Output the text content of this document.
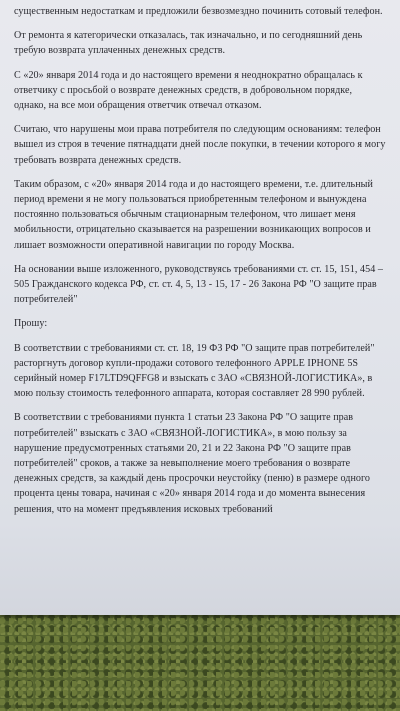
существенным недостаткам и предложили безвозмездно починить сотовый телефон.

От ремонта я категорически отказалась, так изначально, и по сегодняшний день требую возврата уплаченных денежных средств.

С «20» января 2014 года и до настоящего времени я неоднократно обращалась к ответчику с просьбой о возврате денежных средств, в добровольном порядке, однако, на все мои обращения ответчик отвечал отказом.

Считаю, что нарушены мои права потребителя по следующим основаниям: телефон вышел из строя в течение пятнадцати дней после покупки, в течении которого я могу требовать возврата денежных средств.

Таким образом, с «20» января 2014 года и до настоящего времени, т.е. длительный период времени я не могу пользоваться приобретенным телефоном и вынуждена постоянно пользоваться обычным стационарным телефоном, что лишает меня мобильности, отрицательно сказывается на разрешении возникающих вопросов и лишает возможности оперативной навигации по городу Москва.

На основании выше изложенного, руководствуясь требованиями ст. ст. 15, 151, 454 – 505 Гражданского кодекса РФ, ст. ст. 4, 5, 13 - 15, 17 - 26 Закона РФ "О защите прав потребителей"

Прошу:

В соответствии с требованиями ст. ст. 18, 19 ФЗ РФ "О защите прав потребителей" расторгнуть договор купли-продажи сотового телефонного APPLE IPHONE 5S серийный номер F17LTD9QFFG8 и взыскать с ЗАО «СВЯЗНОЙ-ЛОГИСТИКА», в мою пользу стоимость телефонного аппарата, которая составляет 28 990 рублей.

В соответствии с требованиями пункта 1 статьи 23 Закона РФ "О защите прав потребителей" взыскать с ЗАО «СВЯЗНОЙ-ЛОГИСТИКА», в мою пользу за нарушение предусмотренных статьями 20, 21 и 22 Закона РФ "О защите прав потребителей" сроков, а также за невыполнение моего требования о возврате денежных средств, за каждый день просрочки неустойку (пеню) в размере одного процента цены товара, начиная с «20» января 2014 года и до момента вынесения решения, что на момент предъявления исковых требований
